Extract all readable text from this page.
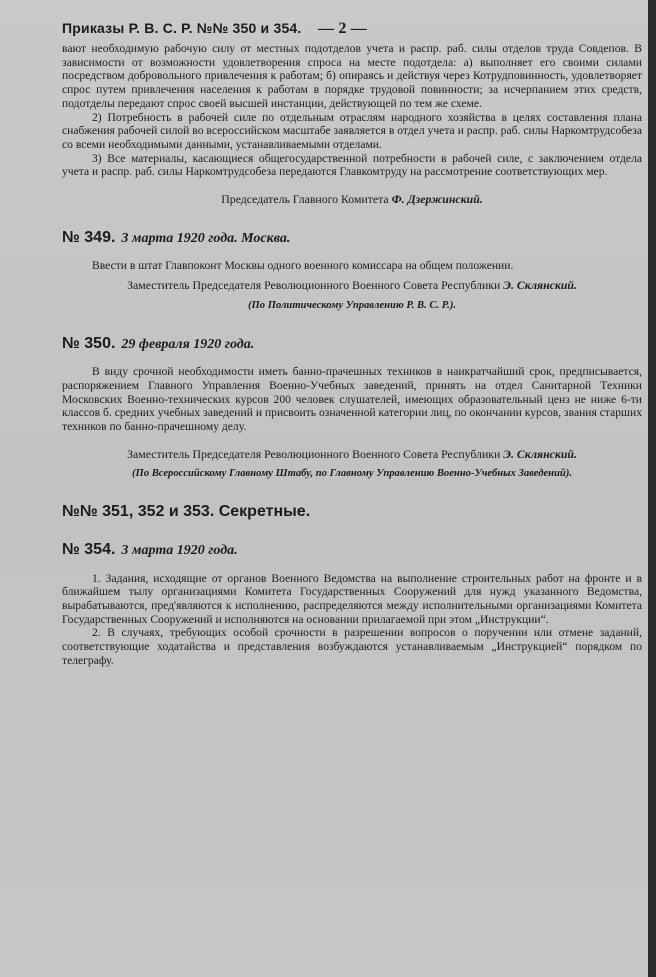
Приказы Р. В. С. Р. №№ 350 и 354. — 2 —

вают необходимую рабочую силу от местных подотделов учета и распр. раб. силы отделов труда Совдепов. В зависимости от возможности удовлетворения спроса на месте подотдела: а) выполняет его своими силами посредством добровольного привлечения к работам; б) опираясь и действуя через Котрудповинность, удовлетворяет спрос путем привлечения населения к работам в порядке трудовой повинности; за исчерпанием этих средств, подотделы передают спрос своей высшей инстанции, действующей по тем же схеме.

2) Потребность в рабочей силе по отдельным отраслям народного хозяйства в целях составления плана снабжения рабочей силой во всероссийском масштабе заявляется в отдел учета и распр. раб. силы Наркомтрудсобеза со всеми необходимыми данными, устанавливаемыми отделами.

3) Все материалы, касающиеся общегосударственной потребности в рабочей силе, с заключением отдела учета и распр. раб. силы Наркомтрудсобеза передаются Главкомтруду на рассмотрение соответствующих мер.

Председатель Главного Комитета Ф. Дзержинский.

№ 349. 3 марта 1920 года. Москва.

Ввести в штат Главпоконт Москвы одного военного комиссара на общем положении.

Заместитель Председателя Революционного Военного Совета Республики Э. Склянский.

(По Политическому Управлению Р. В. С. Р.).

№ 350. 29 февраля 1920 года.

В виду срочной необходимости иметь банно-прачешных техников в наикратчайший срок, предписывается, распоряжением Главного Управления Военно-Учебных заведений, принять на отдел Санитарной Техники Московских Военно-технических курсов 200 человек слушателей, имеющих образовательный ценз не ниже 6-ти классов б. средних учебных заведений и присвоить означенной категории лиц, по окончании курсов, звания старших техников по банно-прачешному делу.

Заместитель Председателя Революционного Военного Совета Республики Э. Склянский.

(По Всероссийскому Главному Штабу, по Главному Управлению Военно-Учебных Заведений).

№№ 351, 352 и 353. Секретные.

№ 354. 3 марта 1920 года.

1. Задания, исходящие от органов Военного Ведомства на выполнение строительных работ на фронте и в ближайшем тылу организациями Комитета Государственных Сооружений для нужд указанного Ведомства, вырабатываются, пред'являются к исполнению, распределяются между исполнительными организациями Комитета Государственных Сооружений и исполняются на основании прилагаемой при этом „Инструкции“.

2. В случаях, требующих особой срочности в разрешении вопросов о поручении или отмене заданий, соответствующие ходатайства и представления возбуждаются устанавливаемым „Инструкцией“ порядком по телеграфу.
